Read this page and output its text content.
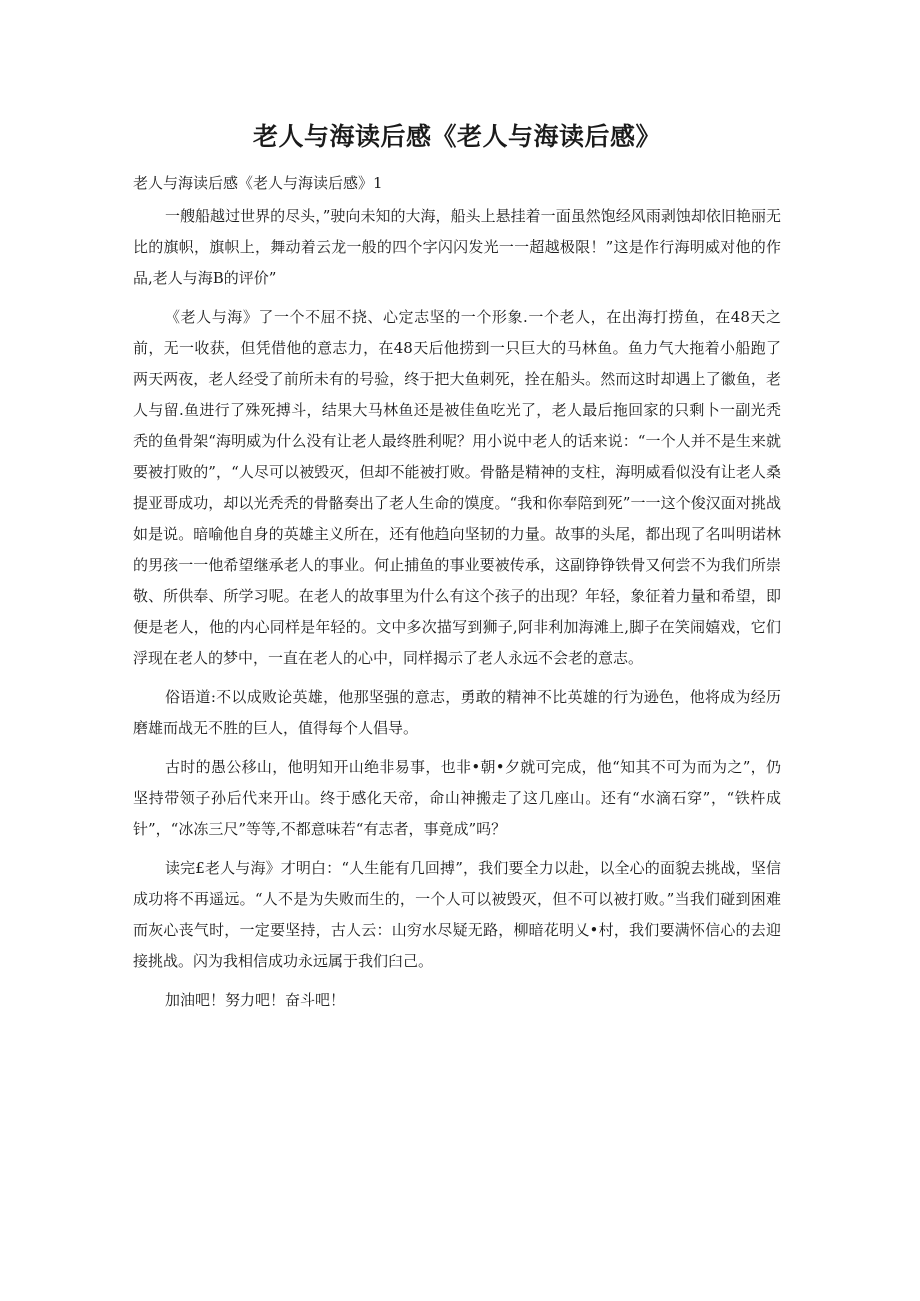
老人与海读后感《老人与海读后感》
老人与海读后感《老人与海读后感》1

一艘船越过世界的尽头，”驶向未知的大海，船头上悬挂着一面虽然饱经风雨剥蚀却依旧艳丽无比的旗帜，旗帜上，舞动着云龙一般的四个字闪闪发光一一超越极限！”这是作行海明威对他的作品,老人与海B的评价”

《老人与海》了一个不屈不挠、心定志坚的一个形象.一个老人，在出海打捞鱼，在48天之前，无一收获，但凭借他的意志力，在48天后他捞到一只巨大的马林鱼。鱼力气大拖着小船跑了两天两夜，老人经受了前所未有的号验，终于把大鱼刺死，拴在船头。然而这时却遇上了徽鱼，老人与留.鱼进行了殊死搏斗，结果大马林鱼还是被佳鱼吃光了，老人最后拖回家的只剩卜一副光秃秃的鱼骨架“海明威为什么没有让老人最终胜利呢？用小说中老人的话来说：“一个人并不是生来就要被打败的”，“人尽可以被毁灭，但却不能被打败。骨骼是精神的支柱，海明威看似没有让老人桑提亚哥成功，却以光秃秃的骨骼奏出了老人生命的馍度。“我和你奉陪到死”一一这个俊汉面对挑战如是说。暗喻他自身的英雄主义所在，还有他趋向坚韧的力量。故事的头尾，都出现了名叫明诺林的男孩一一他希望继承老人的事业。何止捕鱼的事业要被传承，这副铮铮铁骨又何尝不为我们所崇敬、所供奉、所学习呢。在老人的故事里为什么有这个孩子的出现？年轻，象征着力量和希望，即便是老人，他的内心同样是年轻的。文中多次描写到狮子,阿非利加海滩上,脚子在笑闹嬉戏，它们浮现在老人的梦中，一直在老人的心中，同样揭示了老人永远不会老的意志。

俗语道:不以成败论英雄，他那坚强的意志，勇敢的精神不比英雄的行为逊色，他将成为经历磨雄而战无不胜的巨人，值得每个人倡导。

古时的愚公移山，他明知开山绝非易事，也非•朝•夕就可完成，他“知其不可为而为之”，仍坚持带领子孙后代来开山。终于感化天帝，命山神搬走了这几座山。还有“水滴石穿”，“铁杵成针”，“冰冻三尺”等等,不都意味若“有志者，事竟成”吗？

读完£老人与海》才明白：“人生能有几回搏”，我们要全力以赴，以全心的面貌去挑战，坚信成功将不再遥远。“人不是为失败而生的，一个人可以被毁灭，但不可以被打败。”当我们碰到困难而灰心丧气时，一定要坚持，古人云：山穷水尽疑无路，柳暗花明乂•村，我们要满怀信心的去迎接挑战。闪为我相信成功永远属于我们臼己。

加油吧！努力吧！奋斗吧！
